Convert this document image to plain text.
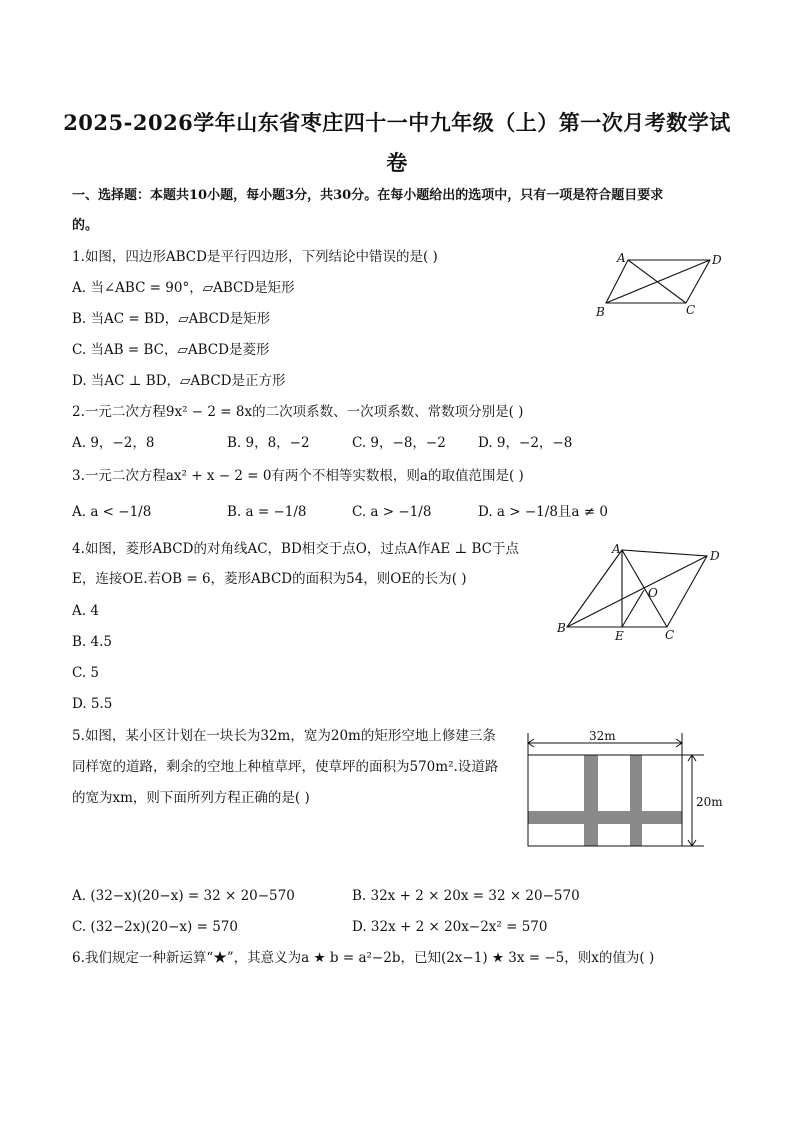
2025-2026学年山东省枣庄四十一中九年级（上）第一次月考数学试
卷
一、选择题：本题共10小题，每小题3分，共30分。在每小题给出的选项中，只有一项是符合题目要求
的。
1.如图，四边形ABCD是平行四边形，下列结论中错误的是( )
A. 当∠ABC = 90°，▱ABCD是矩形
B. 当AC = BD，▱ABCD是矩形
C. 当AB = BC，▱ABCD是菱形
D. 当AC ⊥ BD，▱ABCD是正方形
A	D
B	C
2.一元二次方程9x² − 2 = 8x的二次项系数、一次项系数、常数项分别是( )
A. 9，−2，8	B. 9，8，−2	C. 9，−8，−2 D. 9，−2，−8
3.一元二次方程ax² + x − 2 = 0有两个不相等实数根，则a的取值范围是( )
A. a < −1/8	B. a = −1/8	C. a > −1/8	D. a > −1/8且a ≠ 0
4.如图，菱形ABCD的对角线AC，BD相交于点O，过点A作AE ⊥ BC于点
E，连接OE.若OB = 6，菱形ABCD的面积为54，则OE的长为( )
A. 4
B. 4.5
C. 5
D. 5.5
A	D
O
B
E	C
5.如图，某小区计划在一块长为32m，宽为20m的矩形空地上修建三条
同样宽的道路，剩余的空地上种植草坪，使草坪的面积为570m².设道路
的宽为xm，则下面所列方程正确的是( )
32m
20m
A. (32−x)(20−x) = 32 × 20−570	B. 32x + 2 × 20x = 32 × 20−570
C. (32−2x)(20−x) = 570	D. 32x + 2 × 20x−2x² = 570
6.我们规定一种新运算“★”，其意义为a ★ b = a²−2b，已知(2x−1) ★ 3x = −5，则x的值为( )
